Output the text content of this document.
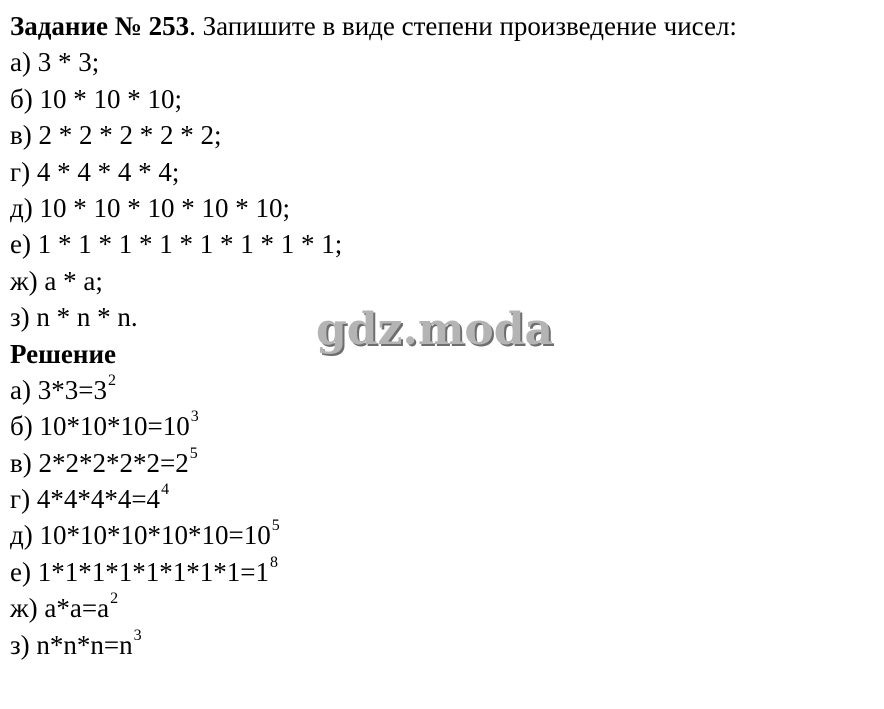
Задание № 253. Запишите в виде степени произведение чисел:
а) 3 * 3;
б) 10 * 10 * 10;
в) 2 * 2 * 2 * 2 * 2;
г) 4 * 4 * 4 * 4;
д) 10 * 10 * 10 * 10 * 10;
е) 1 * 1 * 1 * 1 * 1 * 1 * 1 * 1;
ж) a * a;
з) n * n * n.
Решение
а) $3*3=3^2$
б) $10*10*10=10^3$
в) $2*2*2*2*2=2^5$
г) $4*4*4*4=4^4$
д) $10*10*10*10*10=10^5$
е) $1*1*1*1*1*1*1*1=1^8$
ж) $a*a=a^2$
з) $n*n*n=n^3$
gdz.moda
